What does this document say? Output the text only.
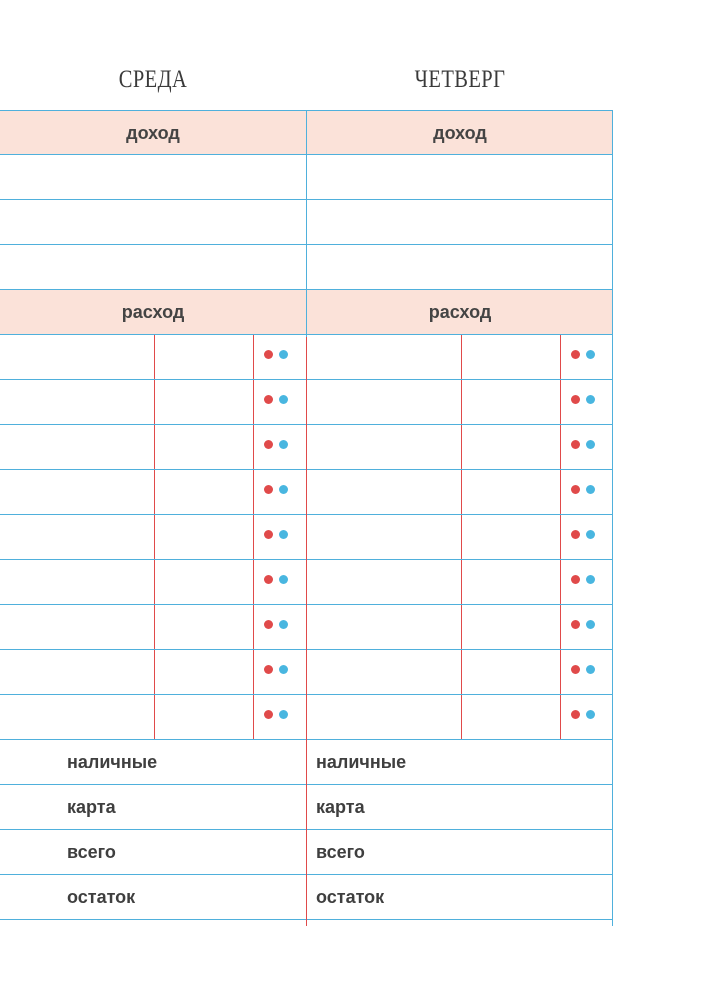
СРЕДА	ЧЕТВЕРГ
доход
расход
наличные
карта
всего
остаток
доход
расход
наличные
карта
всего
остаток
